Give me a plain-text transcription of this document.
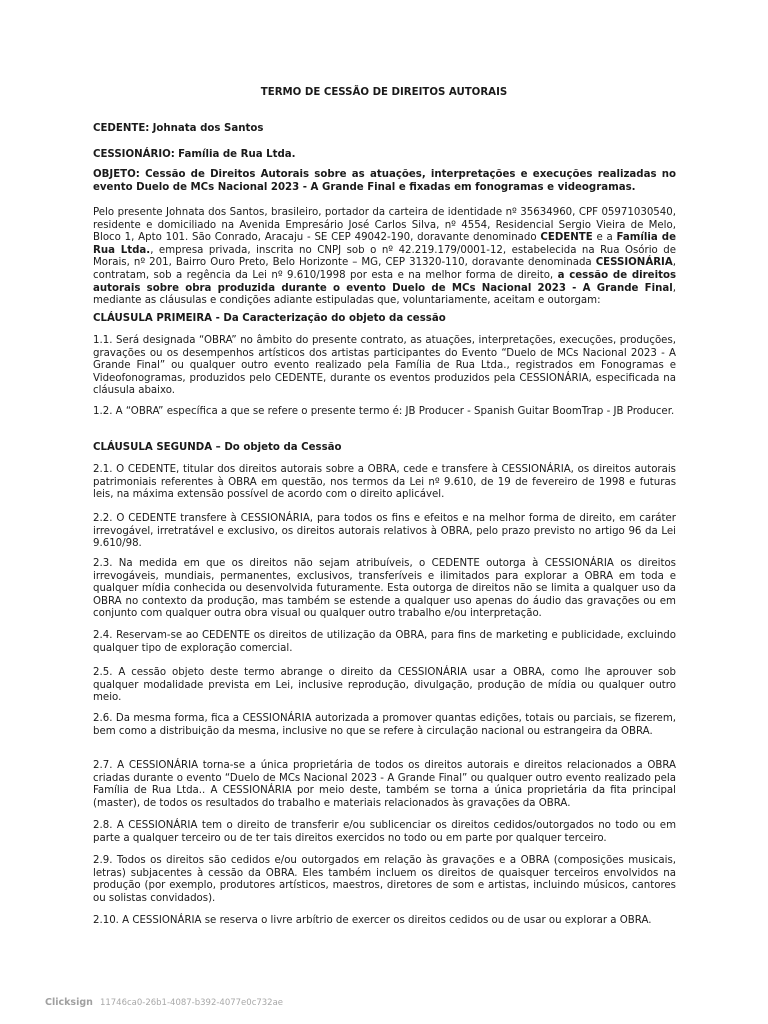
TERMO DE CESSÃO DE DIREITOS AUTORAIS

CEDENTE: Johnata dos Santos

CESSIONÁRIO: Família de Rua Ltda.

OBJETO: Cessão de Direitos Autorais sobre as atuações, interpretações e execuções realizadas no evento Duelo de MCs Nacional 2023 - A Grande Final e fixadas em fonogramas e videogramas.

Pelo presente Johnata dos Santos, brasileiro, portador da carteira de identidade nº 35634960, CPF 05971030540, residente e domiciliado na Avenida Empresário José Carlos Silva, nº 4554, Residencial Sergio Vieira de Melo, Bloco 1, Apto 101. São Conrado, Aracaju - SE CEP 49042-190, doravante denominado CEDENTE e a Família de Rua Ltda., empresa privada, inscrita no CNPJ sob o nº 42.219.179/0001-12, estabelecida na Rua Osório de Morais, nº 201, Bairro Ouro Preto, Belo Horizonte – MG, CEP 31320-110, doravante denominada CESSIONÁRIA, contratam, sob a regência da Lei nº 9.610/1998 por esta e na melhor forma de direito, a cessão de direitos autorais sobre obra produzida durante o evento Duelo de MCs Nacional 2023 - A Grande Final, mediante as cláusulas e condições adiante estipuladas que, voluntariamente, aceitam e outorgam:

CLÁUSULA PRIMEIRA - Da Caracterização do objeto da cessão

1.1. Será designada “OBRA” no âmbito do presente contrato, as atuações, interpretações, execuções, produções, gravações ou os desempenhos artísticos dos artistas participantes do Evento “Duelo de MCs Nacional 2023 - A Grande Final” ou qualquer outro evento realizado pela Família de Rua Ltda., registrados em Fonogramas e Videofonogramas, produzidos pelo CEDENTE, durante os eventos produzidos pela CESSIONÁRIA, especificada na cláusula abaixo.

1.2. A “OBRA” específica a que se refere o presente termo é: JB Producer - Spanish Guitar BoomTrap - JB Producer.

CLÁUSULA SEGUNDA – Do objeto da Cessão

2.1. O CEDENTE, titular dos direitos autorais sobre a OBRA, cede e transfere à CESSIONÁRIA, os direitos autorais patrimoniais referentes à OBRA em questão, nos termos da Lei nº 9.610, de 19 de fevereiro de 1998 e futuras leis, na máxima extensão possível de acordo com o direito aplicável.

2.2. O CEDENTE transfere à CESSIONÁRIA, para todos os fins e efeitos e na melhor forma de direito, em caráter irrevogável, irretratável e exclusivo, os direitos autorais relativos à OBRA, pelo prazo previsto no artigo 96 da Lei 9.610/98.

2.3. Na medida em que os direitos não sejam atribuíveis, o CEDENTE outorga à CESSIONÁRIA os direitos irrevogáveis, mundiais, permanentes, exclusivos, transferíveis e ilimitados para explorar a OBRA em toda e qualquer mídia conhecida ou desenvolvida futuramente. Esta outorga de direitos não se limita a qualquer uso da OBRA no contexto da produção, mas também se estende a qualquer uso apenas do áudio das gravações ou em conjunto com qualquer outra obra visual ou qualquer outro trabalho e/ou interpretação.

2.4. Reservam-se ao CEDENTE os direitos de utilização da OBRA, para fins de marketing e publicidade, excluindo qualquer tipo de exploração comercial.

2.5. A cessão objeto deste termo abrange o direito da CESSIONÁRIA usar a OBRA, como lhe aprouver sob qualquer modalidade prevista em Lei, inclusive reprodução, divulgação, produção de mídia ou qualquer outro meio.

2.6. Da mesma forma, fica a CESSIONÁRIA autorizada a promover quantas edições, totais ou parciais, se fizerem, bem como a distribuição da mesma, inclusive no que se refere à circulação nacional ou estrangeira da OBRA.

2.7. A CESSIONÁRIA torna-se a única proprietária de todos os direitos autorais e direitos relacionados a OBRA criadas durante o evento “Duelo de MCs Nacional 2023 - A Grande Final” ou qualquer outro evento realizado pela Família de Rua Ltda.. A CESSIONÁRIA por meio deste, também se torna a única proprietária da fita principal (master), de todos os resultados do trabalho e materiais relacionados às gravações da OBRA.

2.8. A CESSIONÁRIA tem o direito de transferir e/ou sublicenciar os direitos cedidos/outorgados no todo ou em parte a qualquer terceiro ou de ter tais direitos exercidos no todo ou em parte por qualquer terceiro.

2.9. Todos os direitos são cedidos e/ou outorgados em relação às gravações e a OBRA (composições musicais, letras) subjacentes à cessão da OBRA. Eles também incluem os direitos de quaisquer terceiros envolvidos na produção (por exemplo, produtores artísticos, maestros, diretores de som e artistas, incluindo músicos, cantores ou solistas convidados).

2.10. A CESSIONÁRIA se reserva o livre arbítrio de exercer os direitos cedidos ou de usar ou explorar a OBRA.

Clicksign 11746ca0-26b1-4087-b392-4077e0c732ae
